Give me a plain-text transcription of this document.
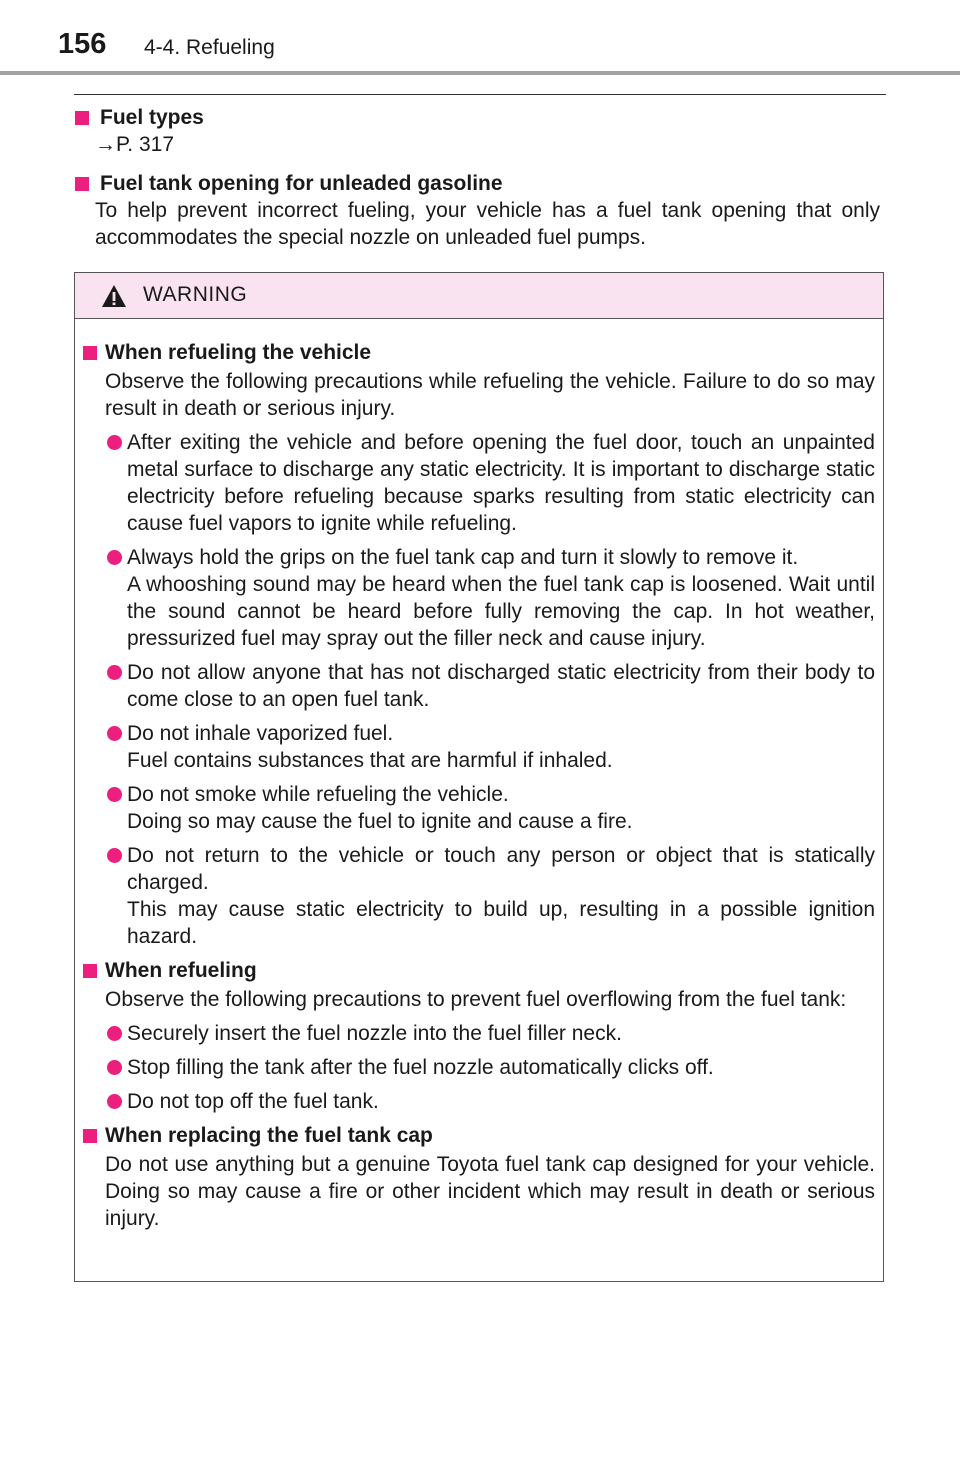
156 4-4. Refueling
Fuel types
→P. 317
Fuel tank opening for unleaded gasoline
To help prevent incorrect fueling, your vehicle has a fuel tank opening that only accommodates the special nozzle on unleaded fuel pumps.
WARNING
When refueling the vehicle
Observe the following precautions while refueling the vehicle. Failure to do so may result in death or serious injury.
After exiting the vehicle and before opening the fuel door, touch an unpainted metal surface to discharge any static electricity. It is important to discharge static electricity before refueling because sparks resulting from static electricity can cause fuel vapors to ignite while refueling.
Always hold the grips on the fuel tank cap and turn it slowly to remove it.
A whooshing sound may be heard when the fuel tank cap is loosened. Wait until the sound cannot be heard before fully removing the cap. In hot weather, pressurized fuel may spray out the filler neck and cause injury.
Do not allow anyone that has not discharged static electricity from their body to come close to an open fuel tank.
Do not inhale vaporized fuel.
Fuel contains substances that are harmful if inhaled.
Do not smoke while refueling the vehicle.
Doing so may cause the fuel to ignite and cause a fire.
Do not return to the vehicle or touch any person or object that is statically charged.
This may cause static electricity to build up, resulting in a possible ignition hazard.
When refueling
Observe the following precautions to prevent fuel overflowing from the fuel tank:
Securely insert the fuel nozzle into the fuel filler neck.
Stop filling the tank after the fuel nozzle automatically clicks off.
Do not top off the fuel tank.
When replacing the fuel tank cap
Do not use anything but a genuine Toyota fuel tank cap designed for your vehicle. Doing so may cause a fire or other incident which may result in death or serious injury.
